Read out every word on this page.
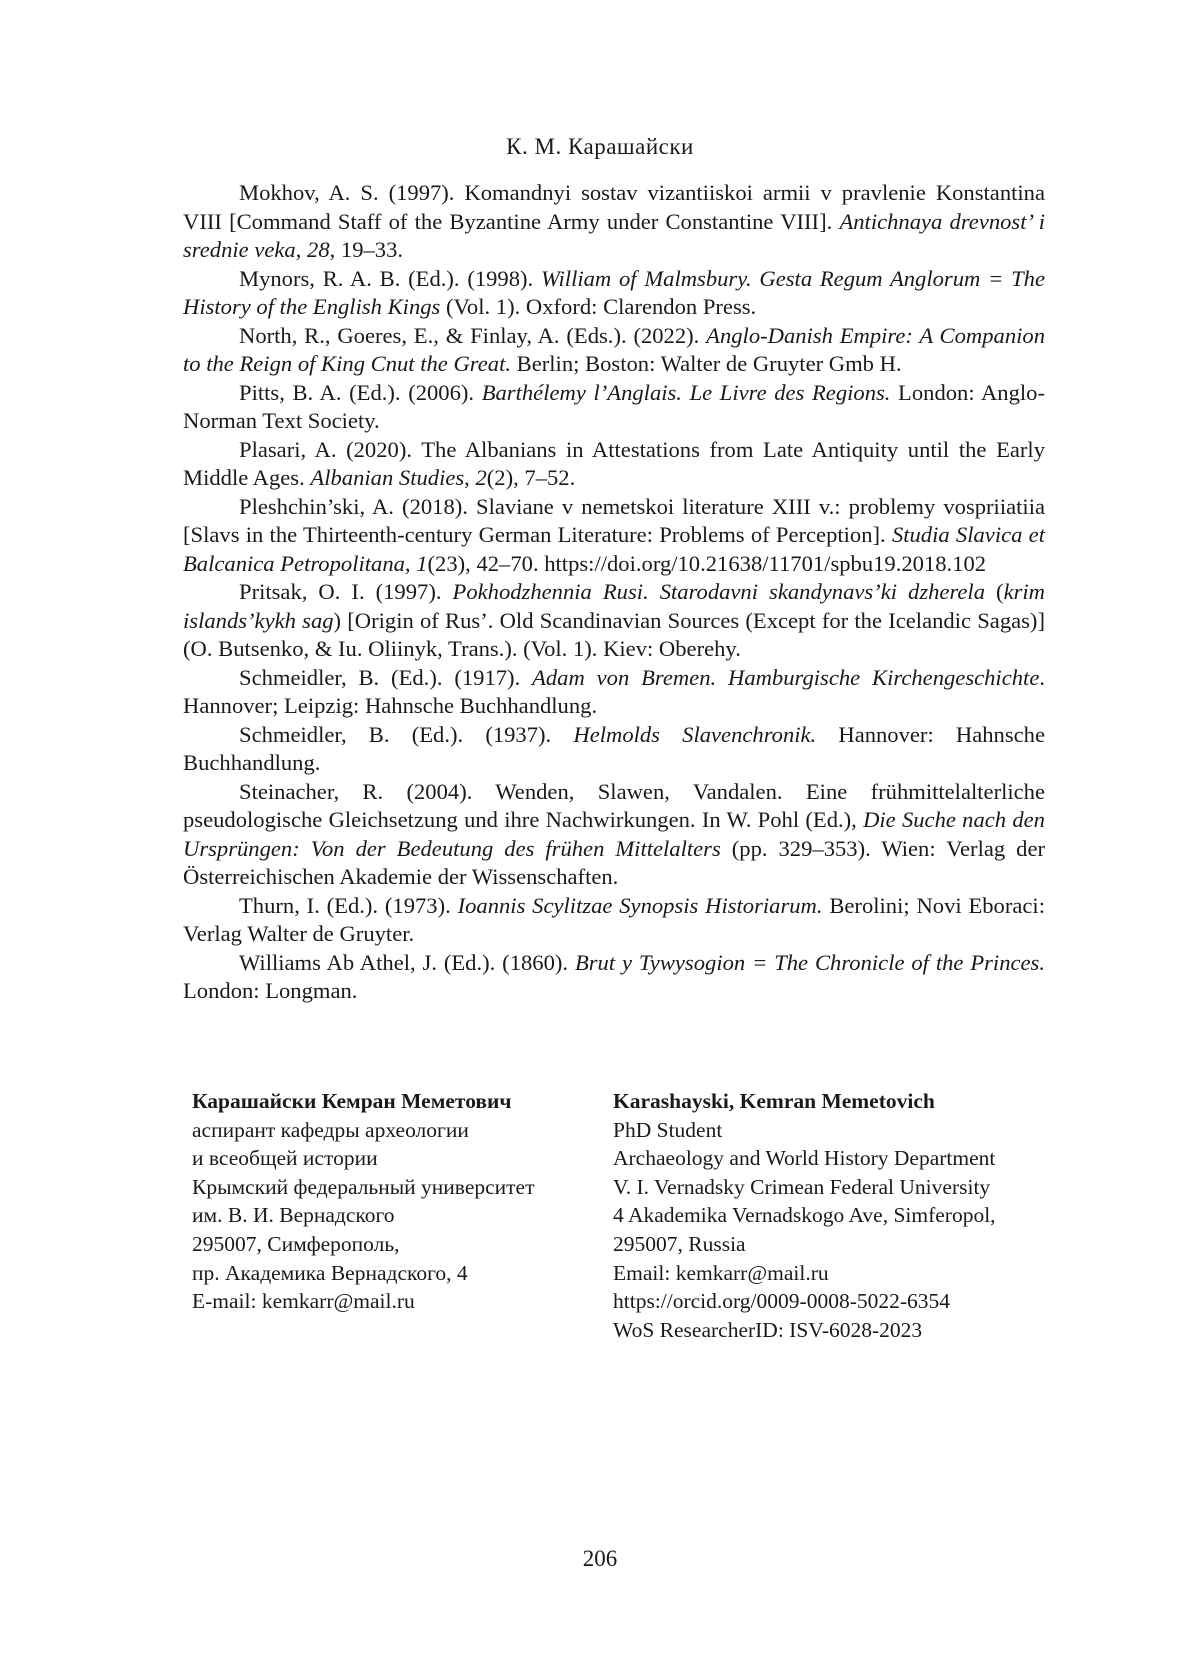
К. М. Карашайски

Mokhov, A. S. (1997). Komandnyi sostav vizantiiskoi armii v pravlenie Konstantina VIII [Command Staff of the Byzantine Army under Constantine VIII]. Antichnaya drevnost’ i srednie veka, 28, 19–33.

Mynors, R. A. B. (Ed.). (1998). William of Malmsbury. Gesta Regum Anglorum = The History of the English Kings (Vol. 1). Oxford: Clarendon Press.

North, R., Goeres, E., & Finlay, A. (Eds.). (2022). Anglo-Danish Empire: A Companion to the Reign of King Cnut the Great. Berlin; Boston: Walter de Gruyter Gmb H.

Pitts, B. A. (Ed.). (2006). Barthélemy l’Anglais. Le Livre des Regions. London: Anglo-Norman Text Society.

Plasari, A. (2020). The Albanians in Attestations from Late Antiquity until the Early Middle Ages. Albanian Studies, 2(2), 7–52.

Pleshchin’ski, A. (2018). Slaviane v nemetskoi literature XIII v.: problemy vospriiatiia [Slavs in the Thirteenth-century German Literature: Problems of Perception]. Studia Slavica et Balcanica Petropolitana, 1(23), 42–70. https://doi.org/10.21638/11701/spbu19.2018.102

Pritsak, O. I. (1997). Pokhodzhennia Rusi. Starodavni skandynavs’ki dzherela (krim islands’kykh sag) [Origin of Rus’. Old Scandinavian Sources (Except for the Icelandic Sagas)] (O. Butsenko, & Iu. Oliinyk, Trans.). (Vol. 1). Kiev: Oberehy.

Schmeidler, B. (Ed.). (1917). Adam von Bremen. Hamburgische Kirchengeschichte. Hannover; Leipzig: Hahnsche Buchhandlung.

Schmeidler, B. (Ed.). (1937). Helmolds Slavenchronik. Hannover: Hahnsche Buchhandlung.

Steinacher, R. (2004). Wenden, Slawen, Vandalen. Eine frühmittelalterliche pseudologische Gleichsetzung und ihre Nachwirkungen. In W. Pohl (Ed.), Die Suche nach den Ursprüngen: Von der Bedeutung des frühen Mittelalters (pp. 329–353). Wien: Verlag der Österreichischen Akademie der Wissenschaften.

Thurn, I. (Ed.). (1973). Ioannis Scylitzae Synopsis Historiarum. Berolini; Novi Eboraci: Verlag Walter de Gruyter.

Williams Ab Athel, J. (Ed.). (1860). Brut y Tywysogion = The Chronicle of the Princes. London: Longman.

Карашайски Кемран Меметович
аспирант кафедры археологии
и всеобщей истории
Крымский федеральный университет
им. В. И. Вернадского
295007, Симферополь,
пр. Академика Вернадского, 4
E-mail: kemkarr@mail.ru
Karashayski, Kemran Memetovich
PhD Student
Archaeology and World History Department
V. I. Vernadsky Crimean Federal University
4 Akademika Vernadskogo Ave, Simferopol,
295007, Russia
Email: kemkarr@mail.ru
https://orcid.org/0009-0008-5022-6354
WoS ResearcherID: ISV-6028-2023
206
